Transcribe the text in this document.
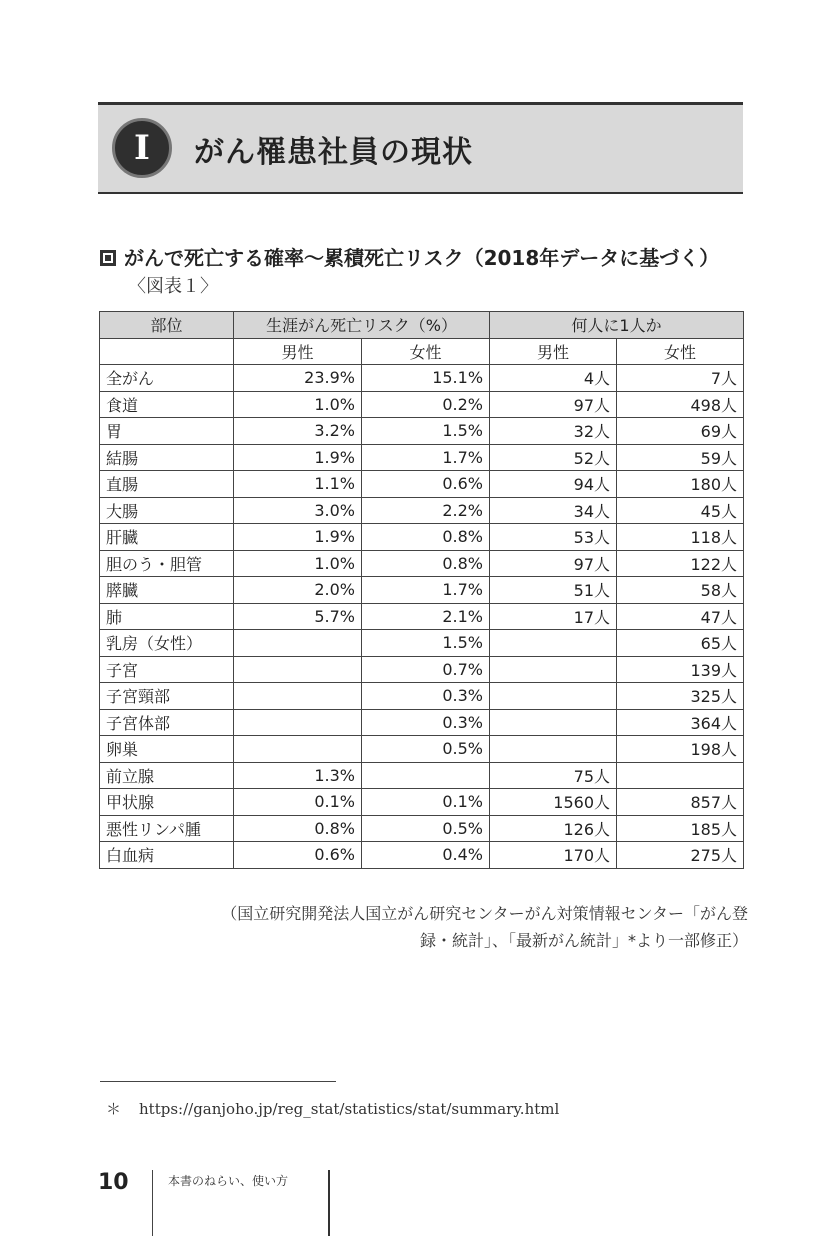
I	がん罹患社員の現状
がんで死亡する確率〜累積死亡リスク（2018年データに基づく）
〈図表１〉
部位	生涯がん死亡リスク（%）		何人に1人か	
	男性	女性	男性	女性
全がん	23.9%	15.1%	4人	7人
食道	1.0%	0.2%	97人	498人
胃	3.2%	1.5%	32人	69人
結腸	1.9%	1.7%	52人	59人
直腸	1.1%	0.6%	94人	180人
大腸	3.0%	2.2%	34人	45人
肝臓	1.9%	0.8%	53人	118人
胆のう・胆管	1.0%	0.8%	97人	122人
膵臓	2.0%	1.7%	51人	58人
肺	5.7%	2.1%	17人	47人
乳房（女性）		1.5%		65人
子宮		0.7%		139人
子宮頸部		0.3%		325人
子宮体部		0.3%		364人
卵巣		0.5%		198人
前立腺	1.3%		75人	
甲状腺	0.1%	0.1%	1560人	857人
悪性リンパ腫	0.8%	0.5%	126人	185人
白血病	0.6%	0.4%	170人	275人
（国立研究開発法人国立がん研究センターがん対策情報センター「がん登
録・統計」、「最新がん統計」*より一部修正）
＊ https://ganjoho.jp/reg_stat/statistics/stat/summary.html
10	本書のねらい、使い方
